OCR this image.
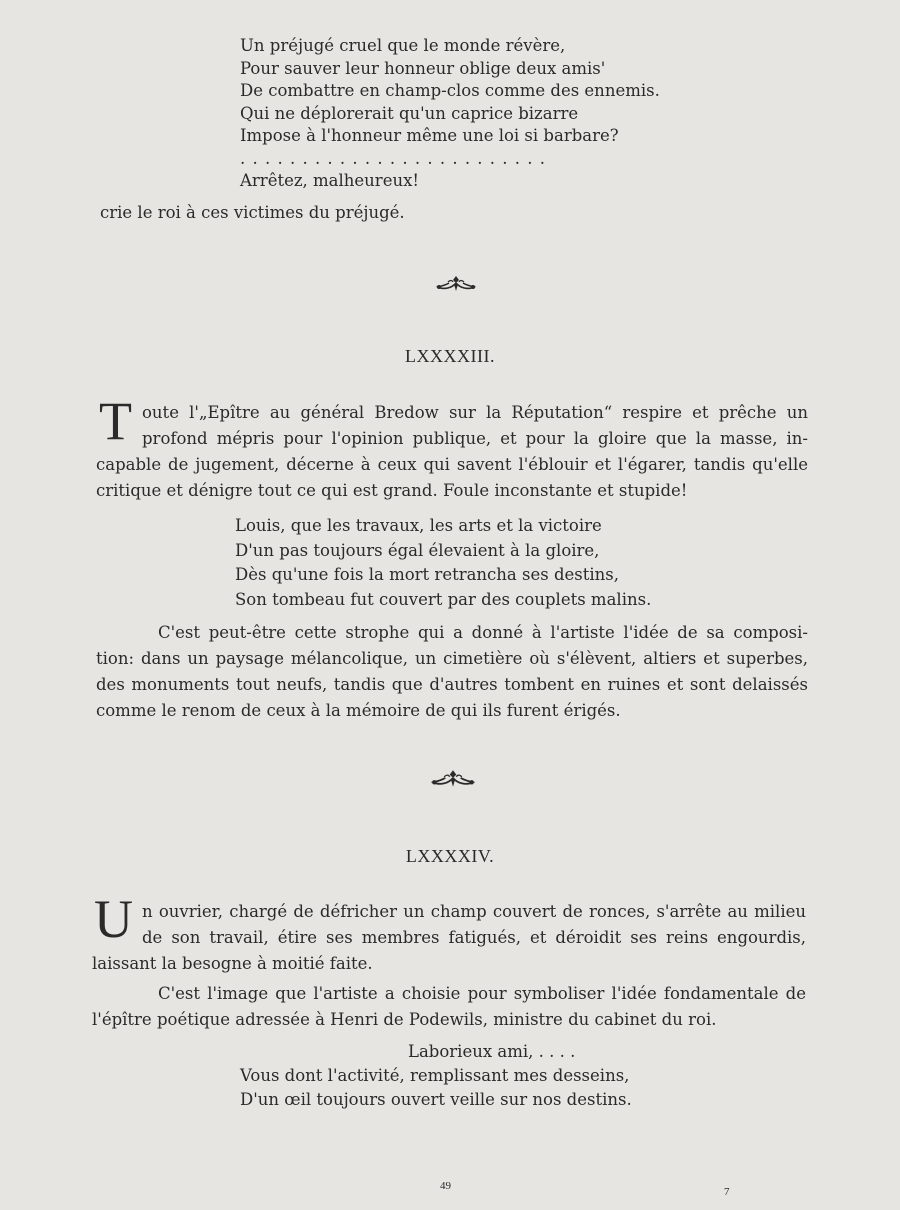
Un préjugé cruel que le monde révère,
Pour sauver leur honneur oblige deux amis'
De combattre en champ-clos comme des ennemis.
Qui ne déplorerait qu'un caprice bizarre
Impose à l'honneur même une loi si barbare?
. . . . . . . . . . . . . . . . . . . . . . . . .
Arrêtez, malheureux!
crie le roi à ces victimes du préjugé.
LXXXXIII.
T oute l'„Epître au général Bredow sur la Réputation“ respire et prêche un
profond mépris pour l'opinion publique, et pour la gloire que la masse, in-
capable de jugement, décerne à ceux qui savent l'éblouir et l'égarer, tandis qu'elle
critique et dénigre tout ce qui est grand. Foule inconstante et stupide!
Louis, que les travaux, les arts et la victoire
D'un pas toujours égal élevaient à la gloire,
Dès qu'une fois la mort retrancha ses destins,
Son tombeau fut couvert par des couplets malins.
C'est peut-être cette strophe qui a donné à l'artiste l'idée de sa composi-
tion: dans un paysage mélancolique, un cimetière où s'élèvent, altiers et superbes,
des monuments tout neufs, tandis que d'autres tombent en ruines et sont delaissés
comme le renom de ceux à la mémoire de qui ils furent érigés.
LXXXXIV.
U n ouvrier, chargé de défricher un champ couvert de ronces, s'arrête au milieu
de son travail, étire ses membres fatigués, et déroidit ses reins engourdis,
laissant la besogne à moitié faite.
C'est l'image que l'artiste a choisie pour symboliser l'idée fondamentale de
l'épître poétique adressée à Henri de Podewils, ministre du cabinet du roi.
Laborieux ami, . . . .
Vous dont l'activité, remplissant mes desseins,
D'un œil toujours ouvert veille sur nos destins.
49	7
